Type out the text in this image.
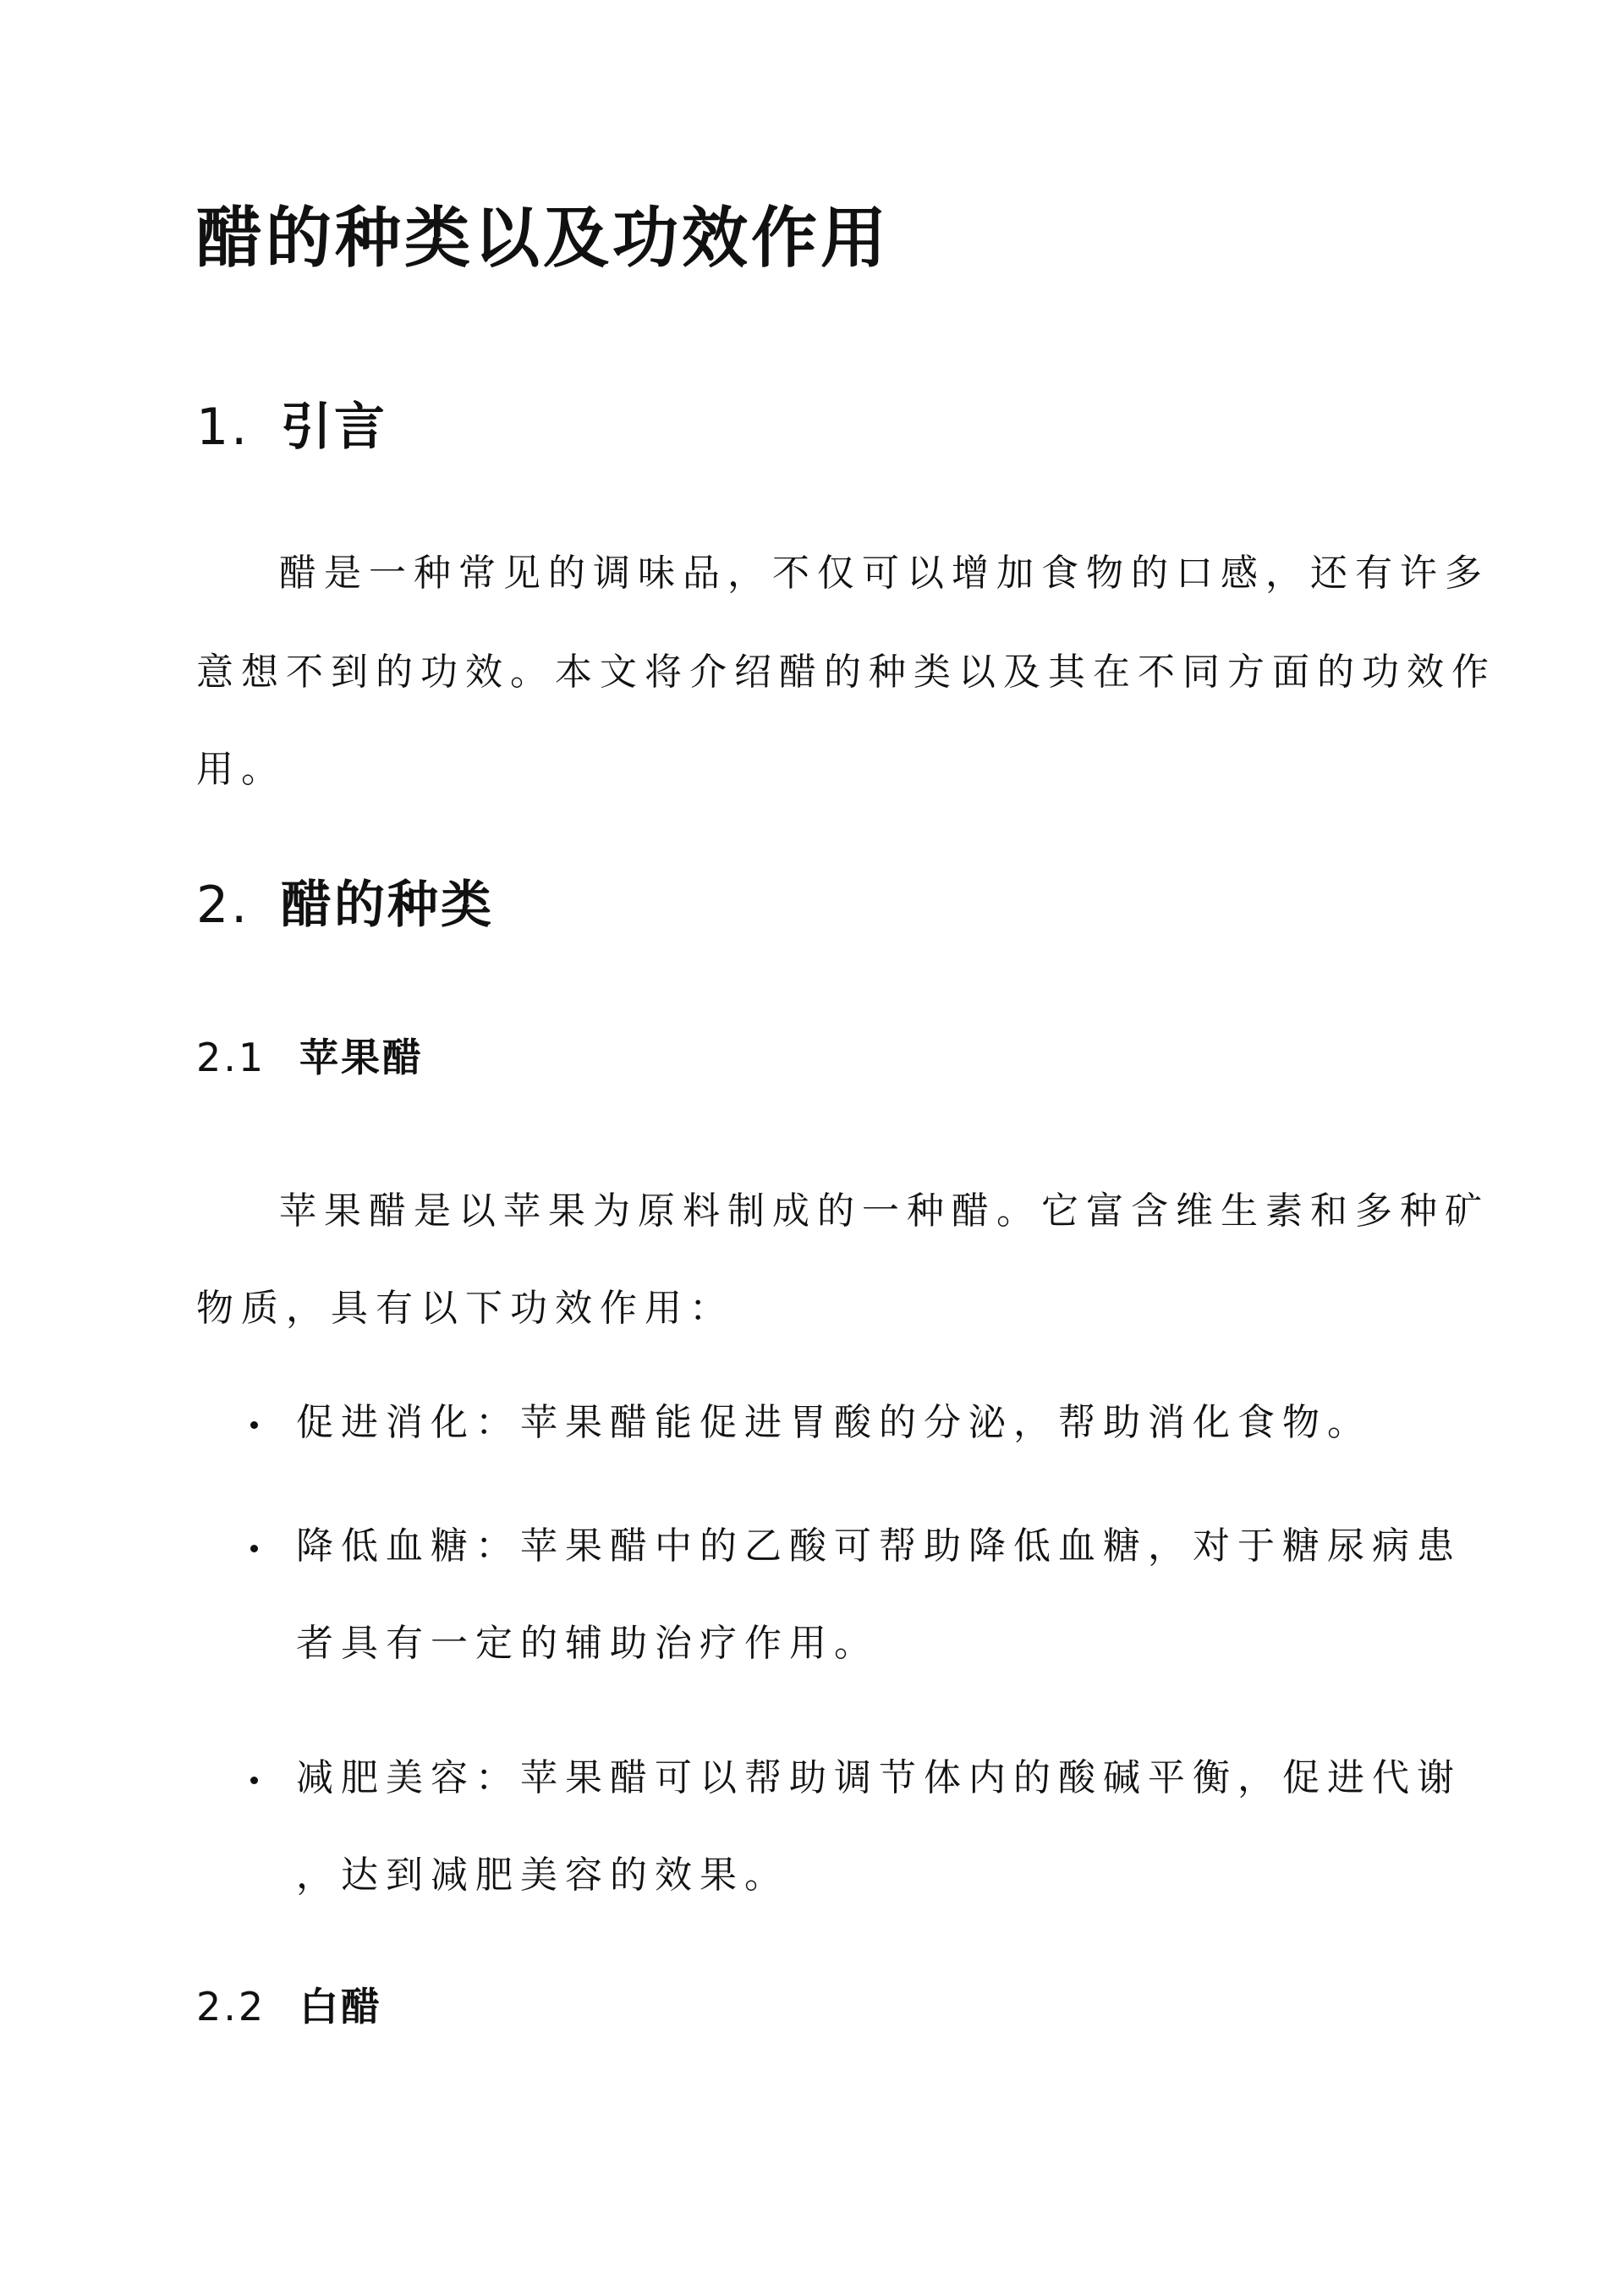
醋的种类以及功效作用
1. 引言
醋是一种常见的调味品，不仅可以增加食物的口感，还有许多
意想不到的功效。本文将介绍醋的种类以及其在不同方面的功效作
用。
2. 醋的种类
2.1 苹果醋
苹果醋是以苹果为原料制成的一种醋。它富含维生素和多种矿
物质，具有以下功效作用：
促进消化：苹果醋能促进胃酸的分泌，帮助消化食物。
降低血糖：苹果醋中的乙酸可帮助降低血糖，对于糖尿病患
者具有一定的辅助治疗作用。
减肥美容：苹果醋可以帮助调节体内的酸碱平衡，促进代谢
，达到减肥美容的效果。
2.2 白醋
